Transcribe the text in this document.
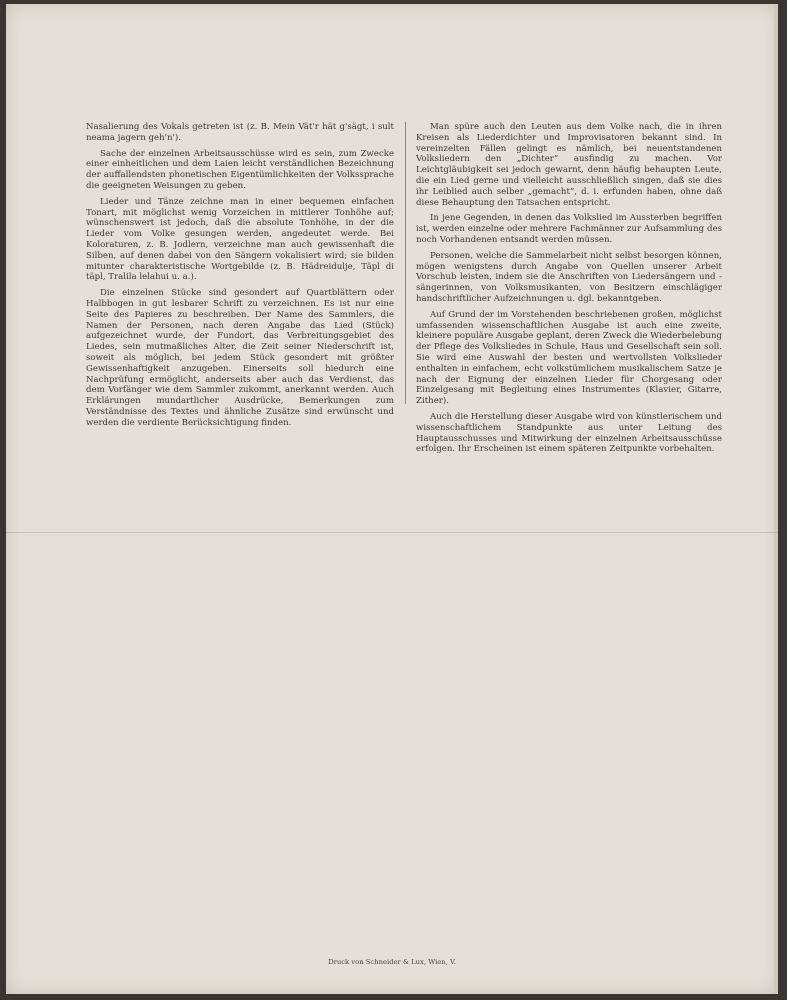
Nasalierung des Vokals getreten ist (z. B. Mein Vät'r hät g'sägt, i sult neama jagern geh'n').

Sache der einzelnen Arbeitsausschüsse wird es sein, zum Zwecke einer einheitlichen und dem Laien leicht verständlichen Bezeichnung der auffallendsten phonetischen Eigentümlichkeiten der Volkssprache die geeigneten Weisungen zu geben.

Lieder und Tänze zeichne man in einer bequemen einfachen Tonart, mit möglichst wenig Vorzeichen in mittlerer Tonhöhe auf; wünschenswert ist jedoch, daß die absolute Tonhöhe, in der die Lieder vom Volke gesungen werden, angedeutet werde. Bei Koloraturen, z. B. Jodlern, verzeichne man auch gewissenhaft die Silben, auf denen dabei von den Sängern vokalisiert wird; sie bilden mitunter charakteristische Wortgebilde (z. B. Hädreidulje, Täpl di täpl, Tralila lelahui u. a.).

Die einzelnen Stücke sind gesondert auf Quartblättern oder Halbbogen in gut lesbarer Schrift zu verzeichnen. Es ist nur eine Seite des Papieres zu beschreiben. Der Name des Sammlers, die Namen der Personen, nach deren Angabe das Lied (Stück) aufgezeichnet wurde, der Fundort, das Verbreitungsgebiet des Liedes, sein mutmaßliches Alter, die Zeit seiner Niederschrift ist, soweit als möglich, bei jedem Stück gesondert mit größter Gewissenhaftigkeit anzugeben. Einerseits soll hiedurch eine Nachprüfung ermöglicht, anderseits aber auch das Verdienst, das dem Vorfänger wie dem Sammler zukommt, anerkannt werden. Auch Erklärungen mundartlicher Ausdrücke, Bemerkungen zum Verständnisse des Textes und ähnliche Zusätze sind erwünscht und werden die verdiente Berücksichtigung finden.

Man spüre auch den Leuten aus dem Volke nach, die in ihren Kreisen als Liederdichter und Improvisatoren bekannt sind. In vereinzelten Fällen gelingt es nämlich, bei neuentstandenen Volksliedern den „Dichter“ ausfindig zu machen. Vor Leichtgläubigkeit sei jedoch gewarnt, denn häufig behaupten Leute, die ein Lied gerne und vielleicht ausschließlich singen, daß sie dies ihr Leiblied auch selber „gemacht“, d. i. erfunden haben, ohne daß diese Behauptung den Tatsachen entspricht.

In jene Gegenden, in denen das Volkslied im Aussterben begriffen ist, werden einzelne oder mehrere Fachmänner zur Aufsammlung des noch Vorhandenen entsandt werden müssen.

Personen, welche die Sammelarbeit nicht selbst besorgen können, mögen wenigstens durch Angabe von Quellen unserer Arbeit Vorschub leisten, indem sie die Anschriften von Liedersängern und -sängerinnen, von Volksmusikanten, von Besitzern einschlägiger handschriftlicher Aufzeichnungen u. dgl. bekanntgeben.

Auf Grund der im Vorstehenden beschriebenen großen, möglichst umfassenden wissenschaftlichen Ausgabe ist auch eine zweite, kleinere populäre Ausgabe geplant, deren Zweck die Wiederbelebung der Pflege des Volksliedes in Schule, Haus und Gesellschaft sein soll. Sie wird eine Auswahl der besten und wertvollsten Volkslieder enthalten in einfachem, echt volkstümlichem musikalischem Satze je nach der Eignung der einzelnen Lieder für Chorgesang oder Einzelgesang mit Begleitung eines Instrumentes (Klavier, Gitarre, Zither).

Auch die Herstellung dieser Ausgabe wird von künstlerischem und wissenschaftlichem Standpunkte aus unter Leitung des Hauptausschusses und Mitwirkung der einzelnen Arbeitsausschüsse erfolgen. Ihr Erscheinen ist einem späteren Zeitpunkte vorbehalten.

Druck von Schneider & Lux, Wien, V.
